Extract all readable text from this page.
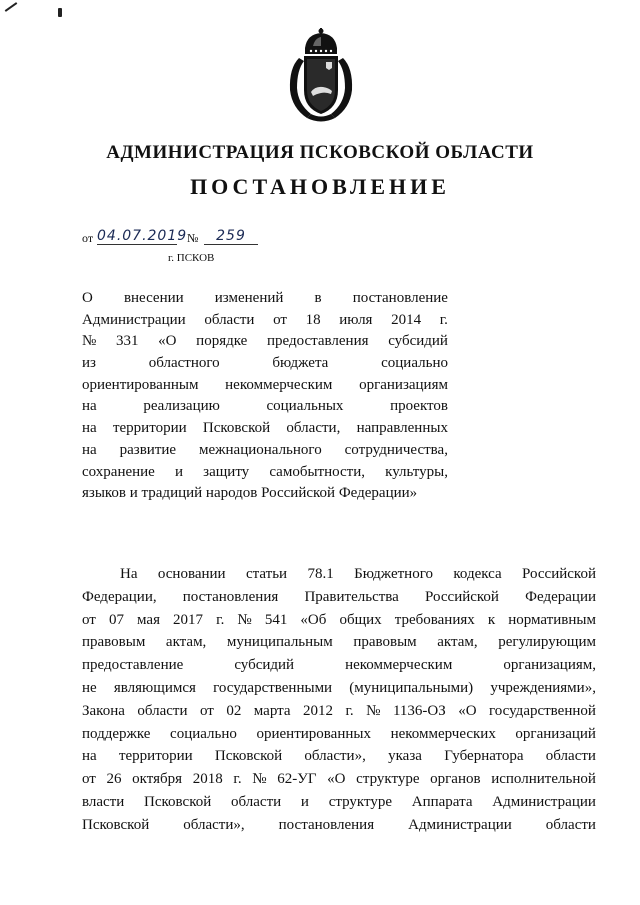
АДМИНИСТРАЦИЯ ПСКОВСКОЙ ОБЛАСТИ
ПОСТАНОВЛЕНИЕ
от 04.07.2019 №	259
г. ПСКОВ
О внесении изменений в постановление
Администрации области от 18 июля 2014 г.
№ 331 «О порядке предоставления субсидий
из	областного	бюджета	социально
ориентированным некоммерческим организациям
на	реализацию	социальных	проектов
на территории Псковской области, направленных
на развитие межнационального сотрудничества,
сохранение и защиту самобытности, культуры,
языков и традиций народов Российской Федерации»
На основании статьи 78.1 Бюджетного кодекса Российской
Федерации, постановления Правительства Российской Федерации
от 07 мая 2017 г. № 541 «Об общих требованиях к нормативным
правовым актам, муниципальным правовым актам, регулирующим
предоставление	субсидий	некоммерческим	организациям,
не являющимся государственными (муниципальными) учреждениями»,
Закона области от 02 марта 2012 г. № 1136-ОЗ «О государственной
поддержке социально ориентированных некоммерческих организаций
на территории Псковской области», указа Губернатора области
от 26 октября 2018 г. № 62-УГ «О структуре органов исполнительной
власти Псковской области и структуре Аппарата Администрации
Псковской области», постановления Администрации области
